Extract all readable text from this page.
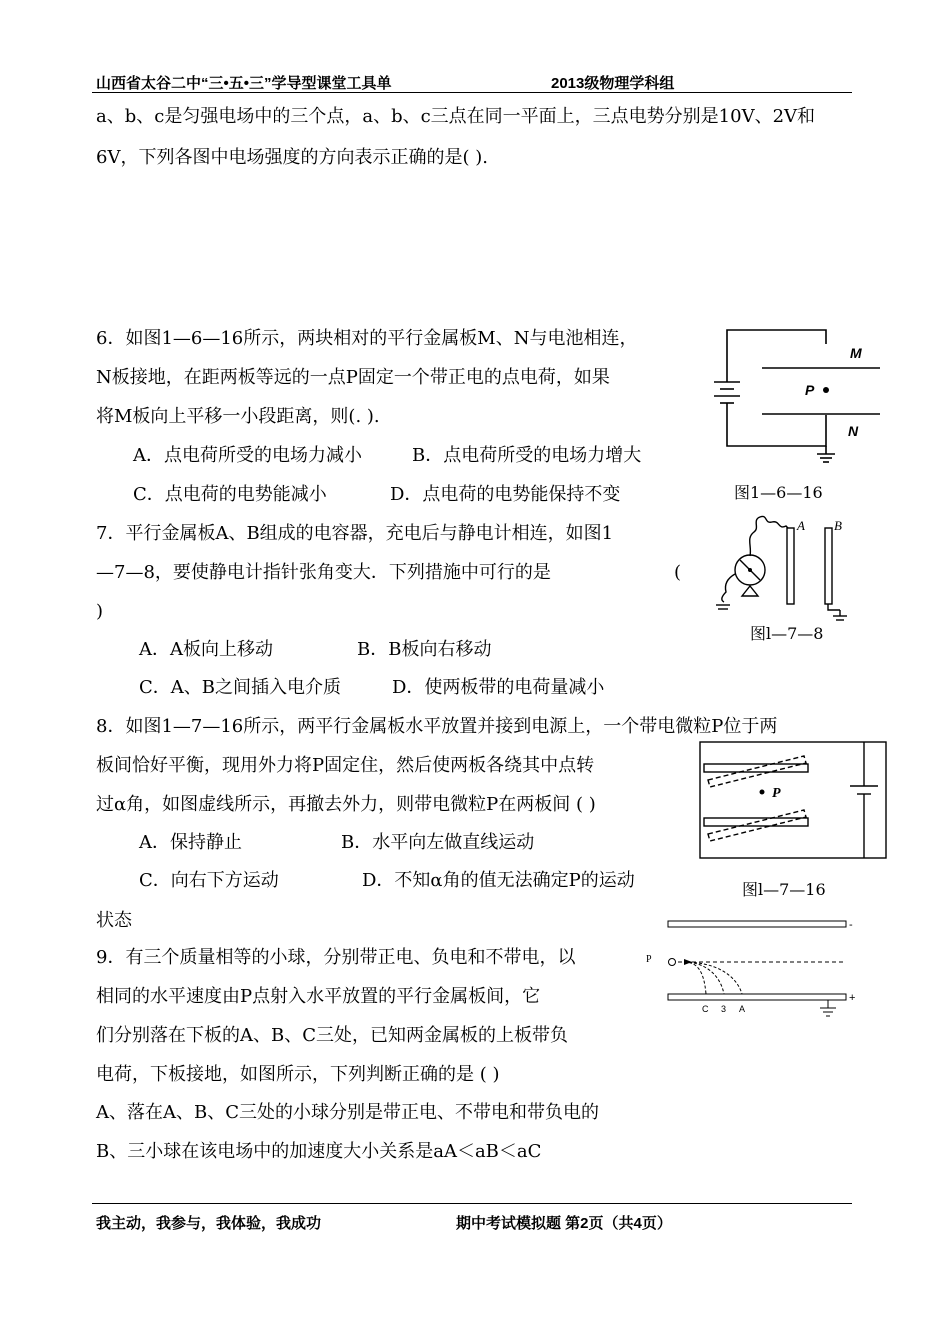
山西省太谷二中“三•五•三”学导型课堂工具单	2013级物理学科组
a、b、c是匀强电场中的三个点，a、b、c三点在同一平面上，三点电势分别是10V、2V和
6V，下列各图中电场强度的方向表示正确的是( ).
6．如图1—6—16所示，两块相对的平行金属板M、N与电池相连，
N板接地，在距两板等远的一点P固定一个带正电的点电荷，如果
将M板向上平移一小段距离，则(. ).
A．点电荷所受的电场力减小	B．点电荷所受的电场力增大
C．点电荷的电势能减小	D．点电荷的电势能保持不变
M
P
N
图1—6—16
7．平行金属板A、B组成的电容器，充电后与静电计相连，如图1
—7—8，要使静电计指针张角变大．下列措施中可行的是	(
)
A．A板向上移动	B．B板向右移动
C．A、B之间插入电介质	D．使两板带的电荷量减小
A B
图l—7—8
8．如图1—7—16所示，两平行金属板水平放置并接到电源上，一个带电微粒P位于两
板间恰好平衡，现用外力将P固定住，然后使两板各绕其中点转
过α角，如图虚线所示，再撤去外力，则带电微粒P在两板间 ( )
A．保持静止	B．水平向左做直线运动
C．向右下方运动	D．不知α角的值无法确定P的运动
状态
P
图l—7—16
9．有三个质量相等的小球，分别带正电、负电和不带电，以
相同的水平速度由P点射入水平放置的平行金属板间，它
们分别落在下板的A、B、C三处，已知两金属板的上板带负
电荷，下板接地，如图所示，下列判断正确的是 ( )
A、落在A、B、C三处的小球分别是带正电、不带电和带负电的
B、三小球在该电场中的加速度大小关系是aA＜aB＜aC
-
+
P
C 3 A
我主动，我参与，我体验，我成功	期中考试模拟题 第2页（共4页）
